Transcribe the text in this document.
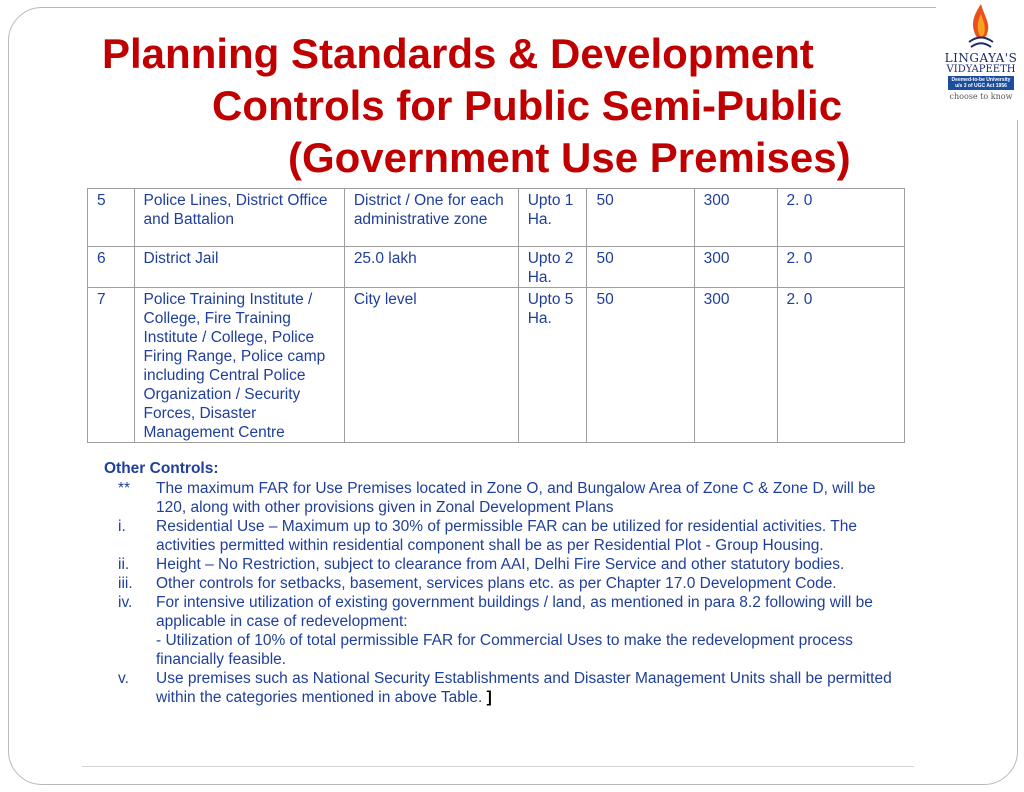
Planning Standards & Development
Controls for Public Semi-Public
(Government Use Premises)
LINGAYA'S
VIDYAPEETH
Deemed-to-be University u/s 3 of UGC Act 1956
choose to know
5	Police Lines, District Office and Battalion	District / One for each administrative zone	Upto 1 Ha.	50	300	2. 0
6	District Jail	25.0 lakh	Upto 2 Ha.	50	300	2. 0
7	Police Training Institute / College, Fire Training Institute / College, Police Firing Range, Police camp including Central Police Organization / Security Forces, Disaster Management Centre	City level	Upto 5 Ha.	50	300	2. 0
Other Controls:
**	The maximum FAR for Use Premises located in Zone O, and Bungalow Area of Zone C & Zone D, will be 120, along with other provisions given in Zonal Development Plans
i.	Residential Use – Maximum up to 30% of permissible FAR can be utilized for residential activities. The activities permitted within residential component shall be as per Residential Plot - Group Housing.
ii.	Height – No Restriction, subject to clearance from AAI, Delhi Fire Service and other statutory bodies.
iii.	Other controls for setbacks, basement, services plans etc. as per Chapter 17.0 Development Code.
iv.	For intensive utilization of existing government buildings / land, as mentioned in para 8.2 following will be applicable in case of redevelopment:
- Utilization of 10% of total permissible FAR for Commercial Uses to make the redevelopment process financially feasible.
v.	Use premises such as National Security Establishments and Disaster Management Units shall be permitted within the categories mentioned in above Table. ]
